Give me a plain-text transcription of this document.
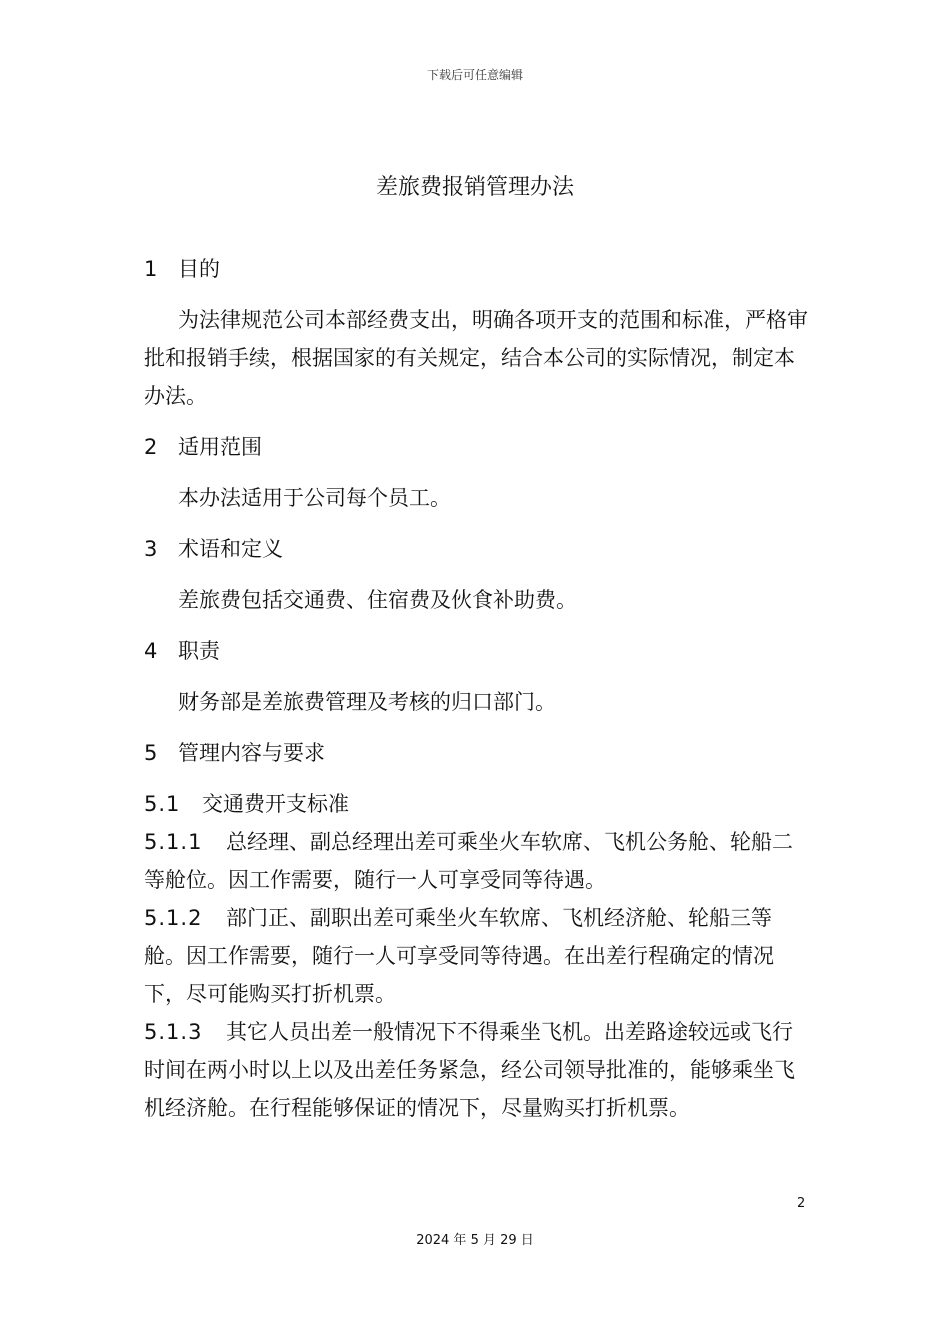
下载后可任意编辑
差旅费报销管理办法
1 目的

为法律规范公司本部经费支出，明确各项开支的范围和标准，严格审批和报销手续，根据国家的有关规定，结合本公司的实际情况，制定本办法。

2 适用范围

本办法适用于公司每个员工。

3 术语和定义

差旅费包括交通费、住宿费及伙食补助费。

4 职责

财务部是差旅费管理及考核的归口部门。

5 管理内容与要求
5.1 交通费开支标准

5.1.1 总经理、副总经理出差可乘坐火车软席、飞机公务舱、轮船二等舱位。因工作需要，随行一人可享受同等待遇。

5.1.2 部门正、副职出差可乘坐火车软席、飞机经济舱、轮船三等舱。因工作需要，随行一人可享受同等待遇。在出差行程确定的情况下，尽可能购买打折机票。

5.1.3 其它人员出差一般情况下不得乘坐飞机。出差路途较远或飞行时间在两小时以上以及出差任务紧急，经公司领导批准的，能够乘坐飞机经济舱。在行程能够保证的情况下，尽量购买打折机票。

2
2024 年 5 月 29 日
